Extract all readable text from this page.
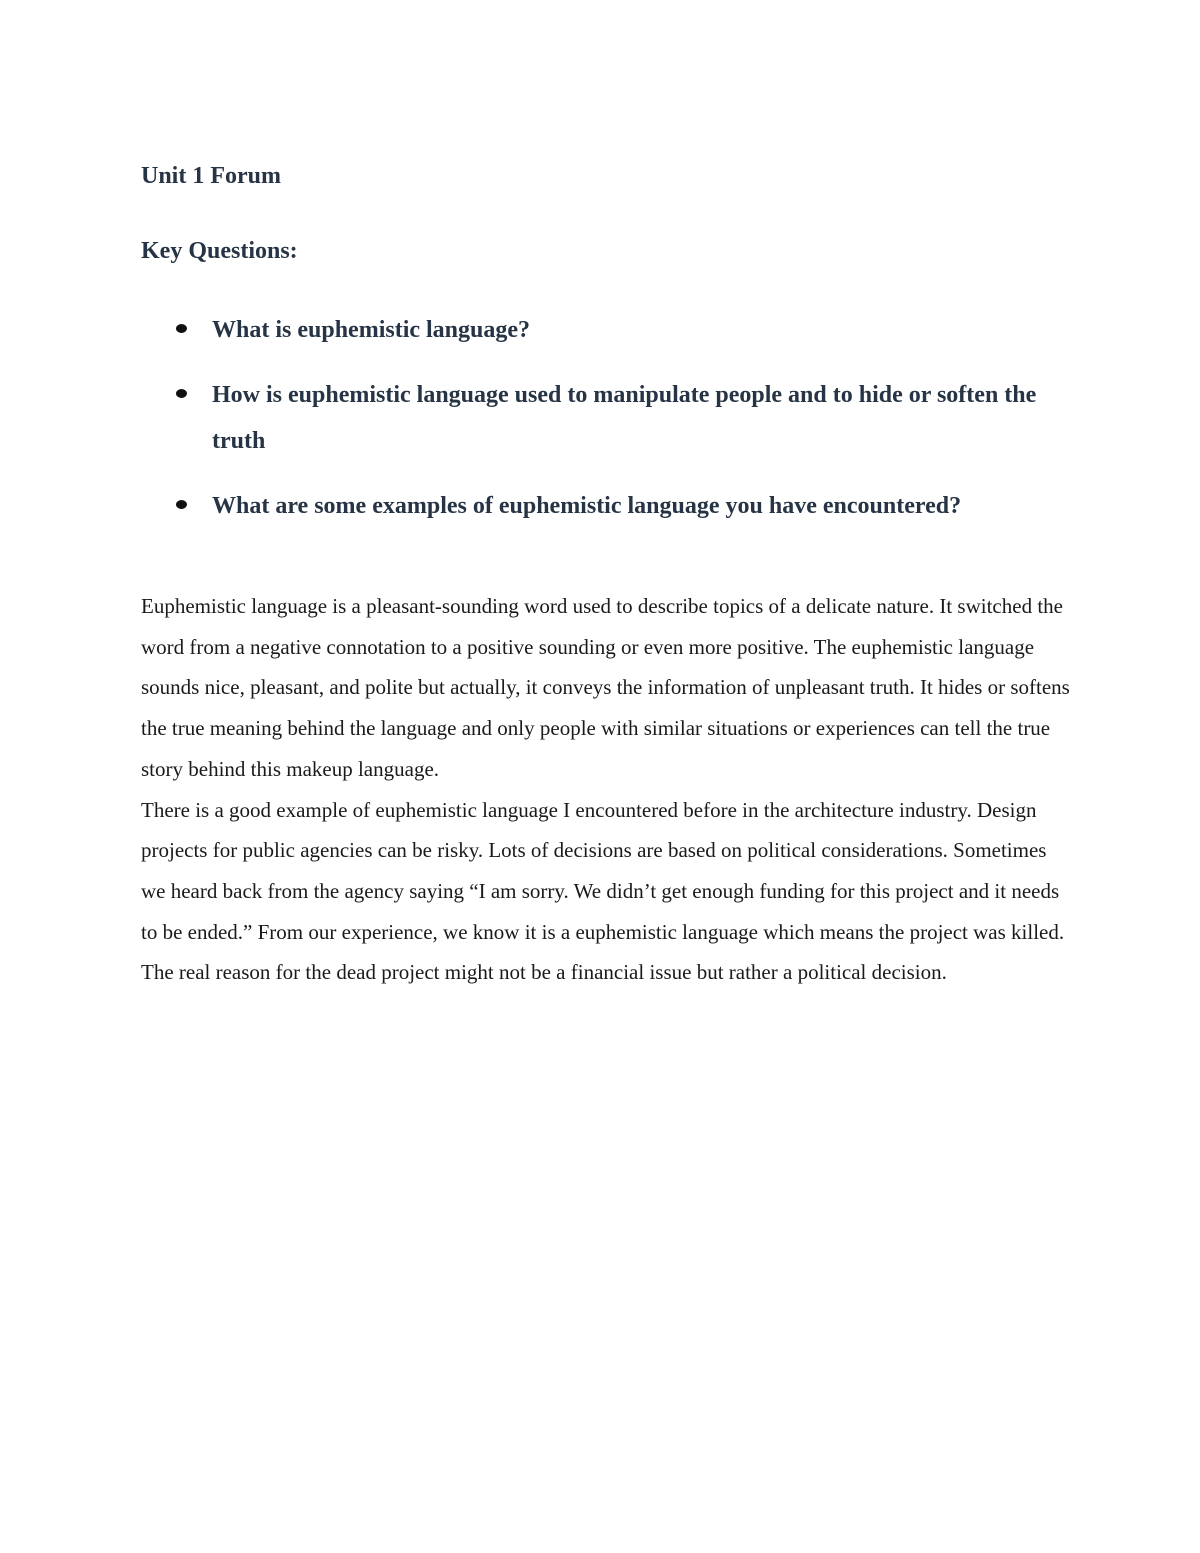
Unit 1 Forum
Key Questions:
What is euphemistic language?
How is euphemistic language used to manipulate people and to hide or soften the truth
What are some examples of euphemistic language you have encountered?

Euphemistic language is a pleasant-sounding word used to describe topics of a delicate nature. It switched the word from a negative connotation to a positive sounding or even more positive. The euphemistic language sounds nice, pleasant, and polite but actually, it conveys the information of unpleasant truth. It hides or softens the true meaning behind the language and only people with similar situations or experiences can tell the true story behind this makeup language.

There is a good example of euphemistic language I encountered before in the architecture industry. Design projects for public agencies can be risky. Lots of decisions are based on political considerations. Sometimes we heard back from the agency saying “I am sorry. We didn’t get enough funding for this project and it needs to be ended.” From our experience, we know it is a euphemistic language which means the project was killed. The real reason for the dead project might not be a financial issue but rather a political decision.
